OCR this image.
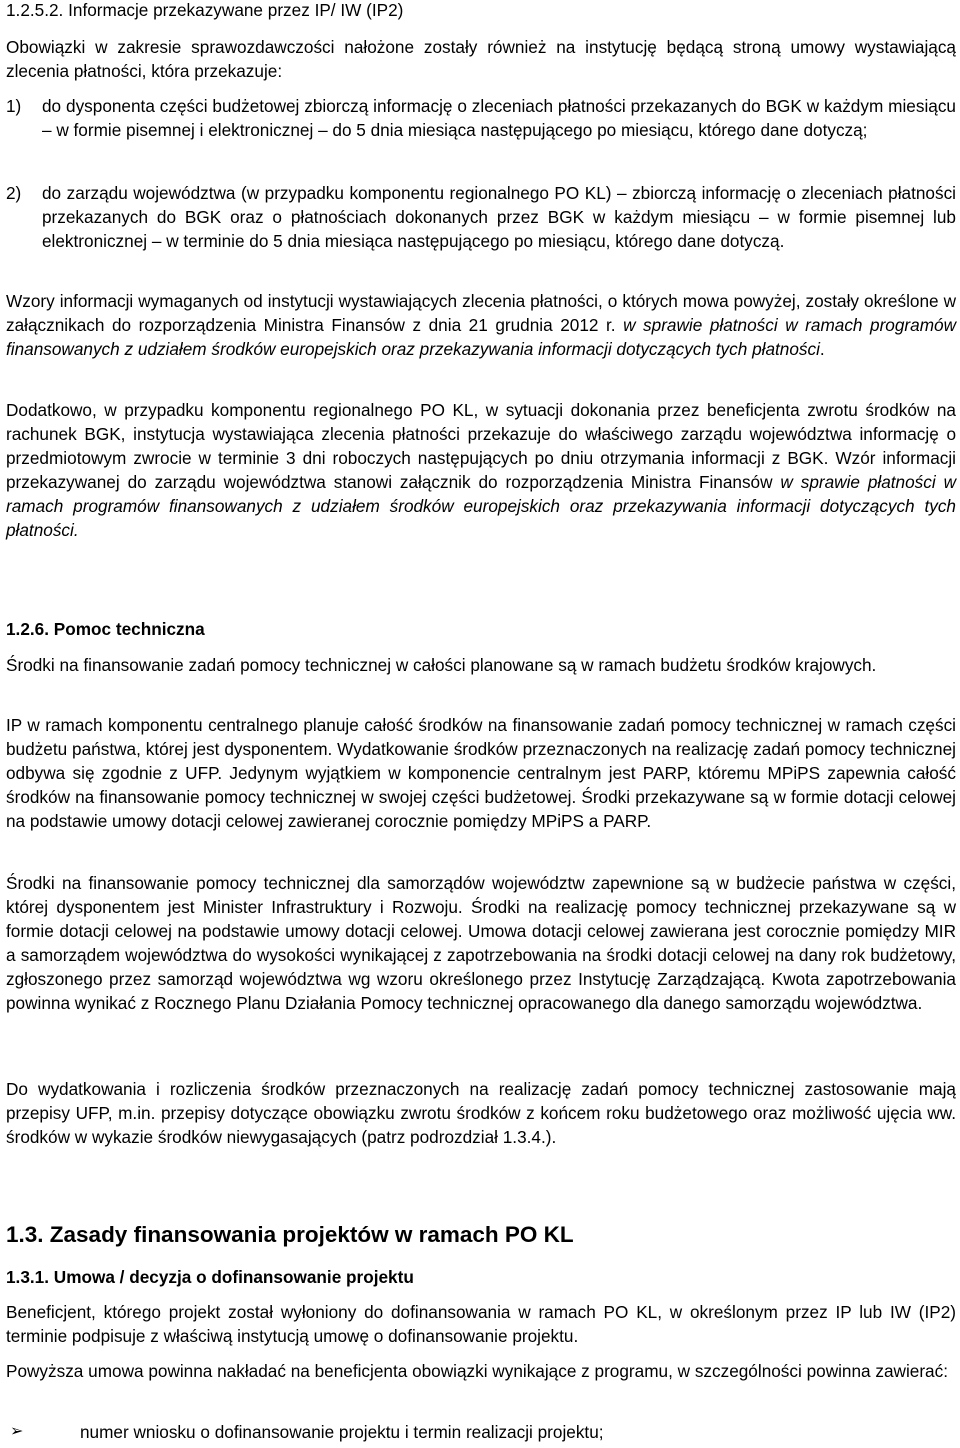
1.2.5.2. Informacje przekazywane przez IP/ IW (IP2)

Obowiązki w zakresie sprawozdawczości nałożone zostały również na instytucję będącą stroną umowy wystawiającą zlecenia płatności, która przekazuje:

1) do dysponenta części budżetowej zbiorczą informację o zleceniach płatności przekazanych do BGK w każdym miesiącu – w formie pisemnej i elektronicznej – do 5 dnia miesiąca następującego po miesiącu, którego dane dotyczą;

2) do zarządu województwa (w przypadku komponentu regionalnego PO KL) – zbiorczą informację o zleceniach płatności przekazanych do BGK oraz o płatnościach dokonanych przez BGK w każdym miesiącu – w formie pisemnej lub elektronicznej – w terminie do 5 dnia miesiąca następującego po miesiącu, którego dane dotyczą.

Wzory informacji wymaganych od instytucji wystawiających zlecenia płatności, o których mowa powyżej, zostały określone w załącznikach do rozporządzenia Ministra Finansów z dnia 21 grudnia 2012 r. w sprawie płatności w ramach programów finansowanych z udziałem środków europejskich oraz przekazywania informacji dotyczących tych płatności.

Dodatkowo, w przypadku komponentu regionalnego PO KL, w sytuacji dokonania przez beneficjenta zwrotu środków na rachunek BGK, instytucja wystawiająca zlecenia płatności przekazuje do właściwego zarządu województwa informację o przedmiotowym zwrocie w terminie 3 dni roboczych następujących po dniu otrzymania informacji z BGK. Wzór informacji przekazywanej do zarządu województwa stanowi załącznik do rozporządzenia Ministra Finansów w sprawie płatności w ramach programów finansowanych z udziałem środków europejskich oraz przekazywania informacji dotyczących tych płatności.

1.2.6. Pomoc techniczna

Środki na finansowanie zadań pomocy technicznej w całości planowane są w ramach budżetu środków krajowych.

IP w ramach komponentu centralnego planuje całość środków na finansowanie zadań pomocy technicznej w ramach części budżetu państwa, której jest dysponentem. Wydatkowanie środków przeznaczonych na realizację zadań pomocy technicznej odbywa się zgodnie z UFP. Jedynym wyjątkiem w komponencie centralnym jest PARP, któremu MPiPS zapewnia całość środków na finansowanie pomocy technicznej w swojej części budżetowej. Środki przekazywane są w formie dotacji celowej na podstawie umowy dotacji celowej zawieranej corocznie pomiędzy MPiPS a PARP.

Środki na finansowanie pomocy technicznej dla samorządów województw zapewnione są w budżecie państwa w części, której dysponentem jest Minister Infrastruktury i Rozwoju. Środki na realizację pomocy technicznej przekazywane są w formie dotacji celowej na podstawie umowy dotacji celowej. Umowa dotacji celowej zawierana jest corocznie pomiędzy MIR a samorządem województwa do wysokości wynikającej z zapotrzebowania na środki dotacji celowej na dany rok budżetowy, zgłoszonego przez samorząd województwa wg wzoru określonego przez Instytucję Zarządzającą. Kwota zapotrzebowania powinna wynikać z Rocznego Planu Działania Pomocy technicznej opracowanego dla danego samorządu województwa.

Do wydatkowania i rozliczenia środków przeznaczonych na realizację zadań pomocy technicznej zastosowanie mają przepisy UFP, m.in. przepisy dotyczące obowiązku zwrotu środków z końcem roku budżetowego oraz możliwość ujęcia ww. środków w wykazie środków niewygasających (patrz podrozdział 1.3.4.).

1.3. Zasady finansowania projektów w ramach PO KL

1.3.1. Umowa / decyzja o dofinansowanie projektu

Beneficjent, którego projekt został wyłoniony do dofinansowania w ramach PO KL, w określonym przez IP lub IW (IP2) terminie podpisuje z właściwą instytucją umowę o dofinansowanie projektu.

Powyższa umowa powinna nakładać na beneficjenta obowiązki wynikające z programu, w szczególności powinna zawierać:

➢	numer wniosku o dofinansowanie projektu i termin realizacji projektu;
